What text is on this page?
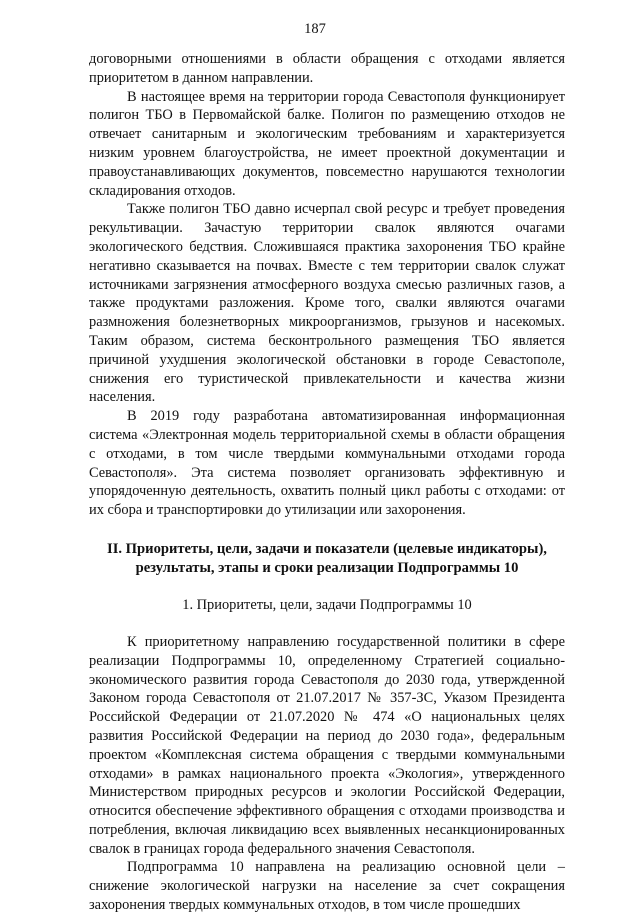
187

договорными отношениями в области обращения с отходами является приоритетом в данном направлении.

В настоящее время на территории города Севастополя функционирует полигон ТБО в Первомайской балке. Полигон по размещению отходов не отвечает санитарным и экологическим требованиям и характеризуется низким уровнем благоустройства, не имеет проектной документации и правоустанавливающих документов, повсеместно нарушаются технологии складирования отходов.

Также полигон ТБО давно исчерпал свой ресурс и требует проведения рекультивации. Зачастую территории свалок являются очагами экологического бедствия. Сложившаяся практика захоронения ТБО крайне негативно сказывается на почвах. Вместе с тем территории свалок служат источниками загрязнения атмосферного воздуха смесью различных газов, а также продуктами разложения. Кроме того, свалки являются очагами размножения болезнетворных микроорганизмов, грызунов и насекомых. Таким образом, система бесконтрольного размещения ТБО является причиной ухудшения экологической обстановки в городе Севастополе, снижения его туристической привлекательности и качества жизни населения.

В 2019 году разработана автоматизированная информационная система «Электронная модель территориальной схемы в области обращения с отходами, в том числе твердыми коммунальными отходами города Севастополя». Эта система позволяет организовать эффективную и упорядоченную деятельность, охватить полный цикл работы с отходами: от их сбора и транспортировки до утилизации или захоронения.

II. Приоритеты, цели, задачи и показатели (целевые индикаторы), результаты, этапы и сроки реализации Подпрограммы 10
1. Приоритеты, цели, задачи Подпрограммы 10

К приоритетному направлению государственной политики в сфере реализации Подпрограммы 10, определенному Стратегией социально-экономического развития города Севастополя до 2030 года, утвержденной Законом города Севастополя от 21.07.2017 № 357-ЗС, Указом Президента Российской Федерации от 21.07.2020 № 474 «О национальных целях развития Российской Федерации на период до 2030 года», федеральным проектом «Комплексная система обращения с твердыми коммунальными отходами» в рамках национального проекта «Экология», утвержденного Министерством природных ресурсов и экологии Российской Федерации, относится обеспечение эффективного обращения с отходами производства и потребления, включая ликвидацию всех выявленных несанкционированных свалок в границах города федерального значения Севастополя.

Подпрограмма 10 направлена на реализацию основной цели – снижение экологической нагрузки на население за счет сокращения захоронения твердых коммунальных отходов, в том числе прошедших
